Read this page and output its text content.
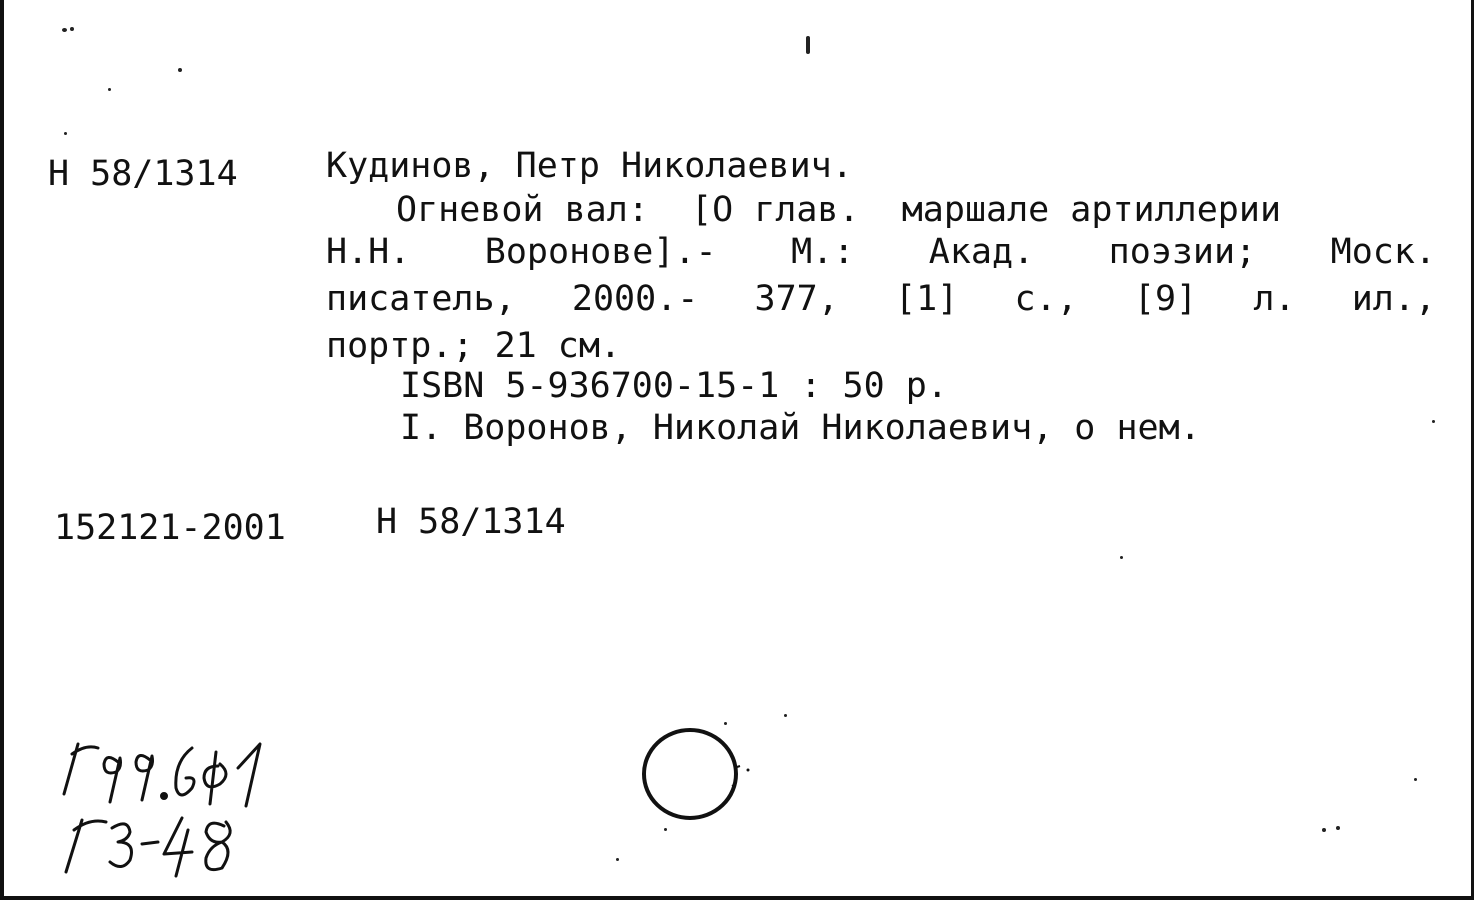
Н 58/1314	Кудинов, Петр Николаевич.
Огневой вал:  [О глав.  маршале артиллерии
Н.Н. Воронове].- М.: Акад. поэзии; Моск.
писатель, 2000.- 377, [1] с., [9] л. ил.,
портр.; 21 см.
ISBN 5-936700-15-1 : 50 р.
I. Воронов, Николай Николаевич, о нем.
152121-2001	Н 58/1314
